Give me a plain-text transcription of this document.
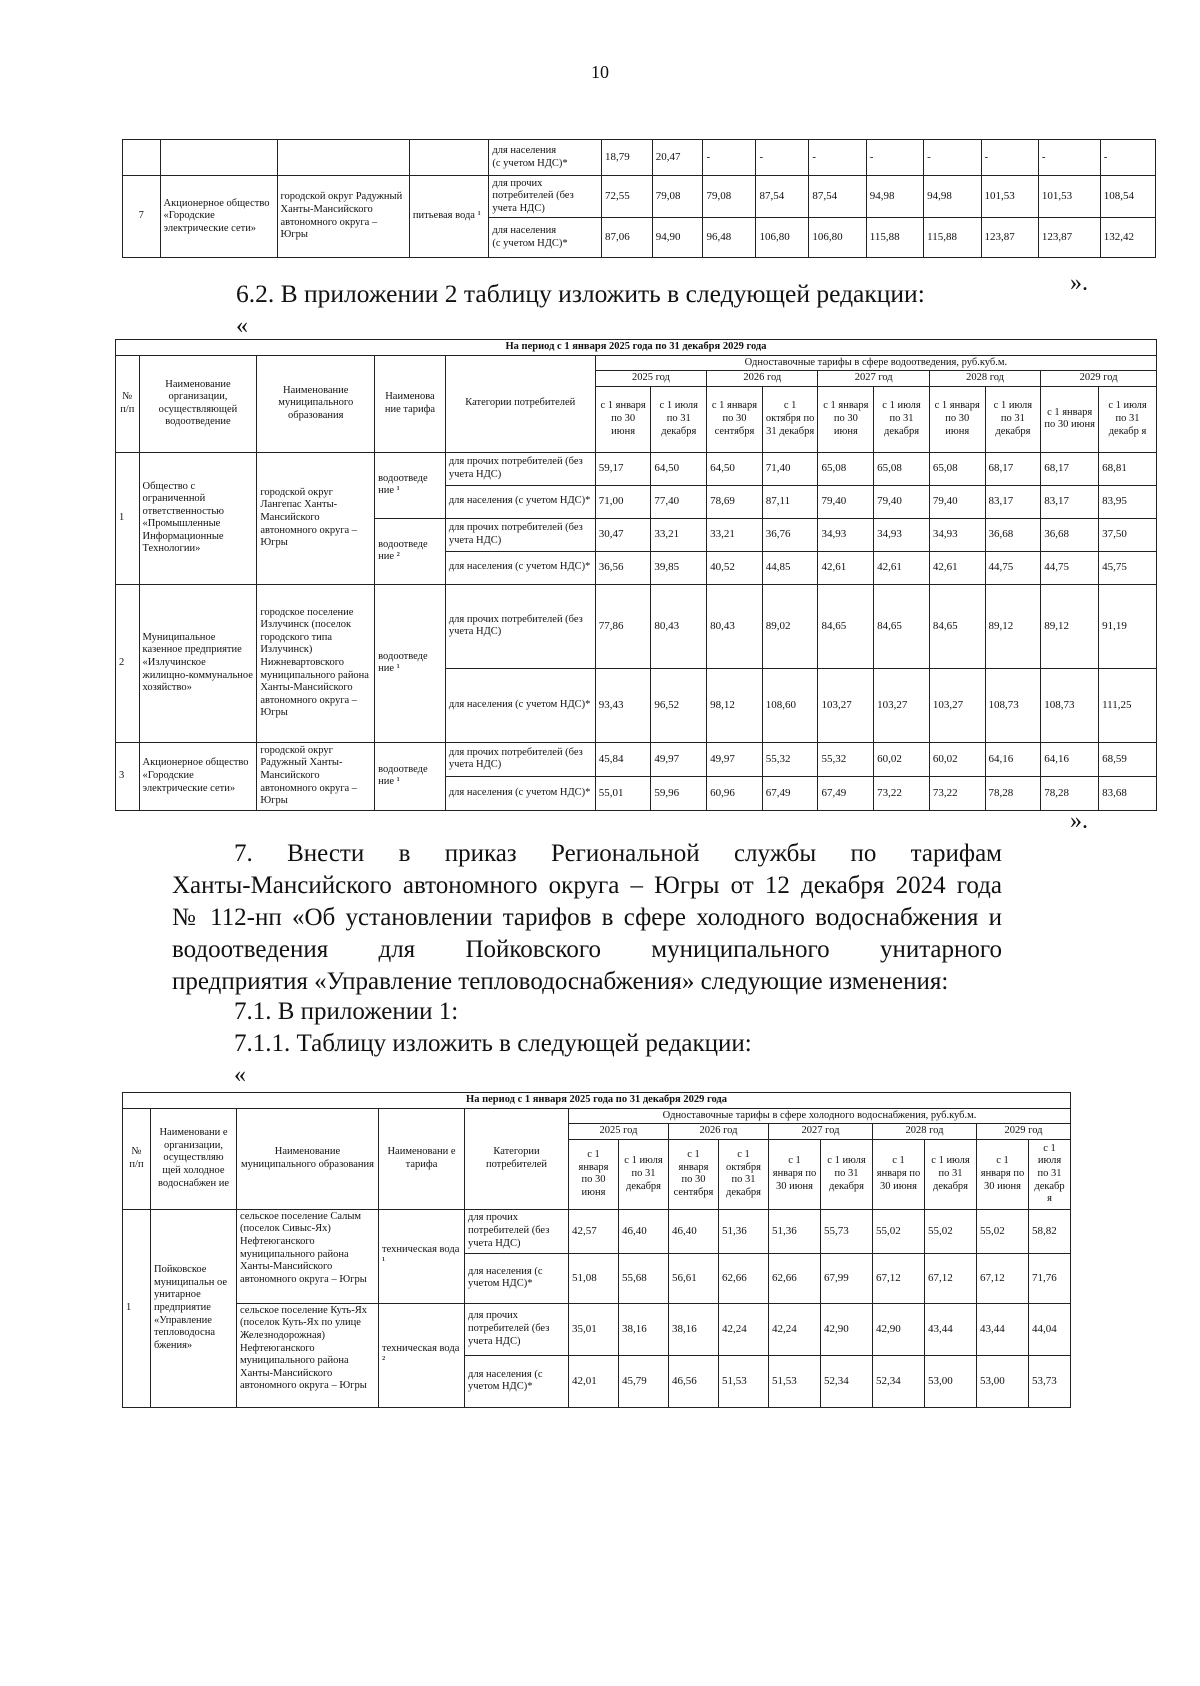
10
				для населения
(с учетом НДС)*	18,79	20,47	-	-	-	-	-	-	-	-
7	Акционерное общество «Городские электрические сети»	городской округ Радужный Ханты-Мансийского автономного округа – Югры	питьевая вода ¹	для прочих потребителей (без учета НДС)	72,55	79,08	79,08	87,54	87,54	94,98	94,98	101,53	101,53	108,54
				для населения
(с учетом НДС)*	87,06	94,90	96,48	106,80	106,80	115,88	115,88	123,87	123,87	132,42
».
6.2. В приложении 2 таблицу изложить в следующей редакции:
«
На период с 1 января 2025 года по 31 декабря 2029 года														
№ п/п	Наименование организации, осуществляющей водоотведение	Наименование муниципального образования	Наименова ние тарифа	Категории потребителей	Одноставочные тарифы в сфере водоотведения, руб.куб.м.									
					2025 год		2026 год		2027 год		2028 год		2029 год	
					с 1 января по 30 июня	с 1 июля по 31 декабря	с 1 января по 30 сентября	с 1 октября по 31 декабря	с 1 января по 30 июня	с 1 июля по 31 декабря	с 1 января по 30 июня	с 1 июля по 31 декабря	с 1 января по 30 июня	с 1 июля по 31 декабр я
1	Общество с ограниченной ответственностью «Промышленные Информационные Технологии»	городской округ Лангепас Ханты-Мансийского автономного округа – Югры	водоотведе ние ¹	для прочих потребителей (без учета НДС)	59,17	64,50	64,50	71,40	65,08	65,08	65,08	68,17	68,17	68,81
				для населения (с учетом НДС)*	71,00	77,40	78,69	87,11	79,40	79,40	79,40	83,17	83,17	83,95
			водоотведе ние ²	для прочих потребителей (без учета НДС)	30,47	33,21	33,21	36,76	34,93	34,93	34,93	36,68	36,68	37,50
				для населения (с учетом НДС)*	36,56	39,85	40,52	44,85	42,61	42,61	42,61	44,75	44,75	45,75
2	Муниципальное казенное предприятие «Излучинское жилищно-коммунальное хозяйство»	городское поселение Излучинск (поселок городского типа Излучинск) Нижневартовского муниципального района Ханты-Мансийского автономного округа – Югры	водоотведе ние ¹	для прочих потребителей (без учета НДС)	77,86	80,43	80,43	89,02	84,65	84,65	84,65	89,12	89,12	91,19
				для населения (с учетом НДС)*	93,43	96,52	98,12	108,60	103,27	103,27	103,27	108,73	108,73	111,25
3	Акционерное общество «Городские электрические сети»	городской округ Радужный Ханты-Мансийского автономного округа – Югры	водоотведе ние ¹	для прочих потребителей (без учета НДС)	45,84	49,97	49,97	55,32	55,32	60,02	60,02	64,16	64,16	68,59
				для населения (с учетом НДС)*	55,01	59,96	60,96	67,49	67,49	73,22	73,22	78,28	78,28	83,68
».
7. Внести в приказ Региональной службы по тарифам
Ханты-Мансийского автономного округа – Югры от 12 декабря 2024 года
№ 112-нп «Об установлении тарифов в сфере холодного водоснабжения и
водоотведения для Пойковского муниципального унитарного
предприятия «Управление тепловодоснабжения» следующие изменения:
7.1. В приложении 1:
7.1.1. Таблицу изложить в следующей редакции:
«
На период с 1 января 2025 года по 31 декабря 2029 года														
№ п/п	Наименовани е организации, осуществляю щей холодное водоснабжен ие	Наименование муниципального образования	Наименовани е тарифа	Категории потребителей	Одноставочные тарифы в сфере холодного водоснабжения, руб.куб.м.									
					2025 год		2026 год		2027 год		2028 год		2029 год	
					с 1 января по 30 июня	с 1 июля по 31 декабря	с 1 января по 30 сентября	с 1 октября по 31 декабря	с 1 января по 30 июня	с 1 июля по 31 декабря	с 1 января по 30 июня	с 1 июля по 31 декабря	с 1 января по 30 июня	с 1 июля по 31 декабр я
1	Пойковское муниципальн ое унитарное предприятие «Управление тепловодосна бжения»	сельское поселение Салым (поселок Сивыс-Ях) Нефтеюганского муниципального района Ханты-Мансийского автономного округа – Югры	техническая вода ¹	для прочих потребителей (без учета НДС)	42,57	46,40	46,40	51,36	51,36	55,73	55,02	55,02	55,02	58,82
				для населения (с учетом НДС)*	51,08	55,68	56,61	62,66	62,66	67,99	67,12	67,12	67,12	71,76
		сельское поселение Куть-Ях (поселок Куть-Ях по улице Железнодорожная) Нефтеюганского муниципального района Ханты-Мансийского автономного округа – Югры	техническая вода ²	для прочих потребителей (без учета НДС)	35,01	38,16	38,16	42,24	42,24	42,90	42,90	43,44	43,44	44,04
				для населения (с учетом НДС)*	42,01	45,79	46,56	51,53	51,53	52,34	52,34	53,00	53,00	53,73
